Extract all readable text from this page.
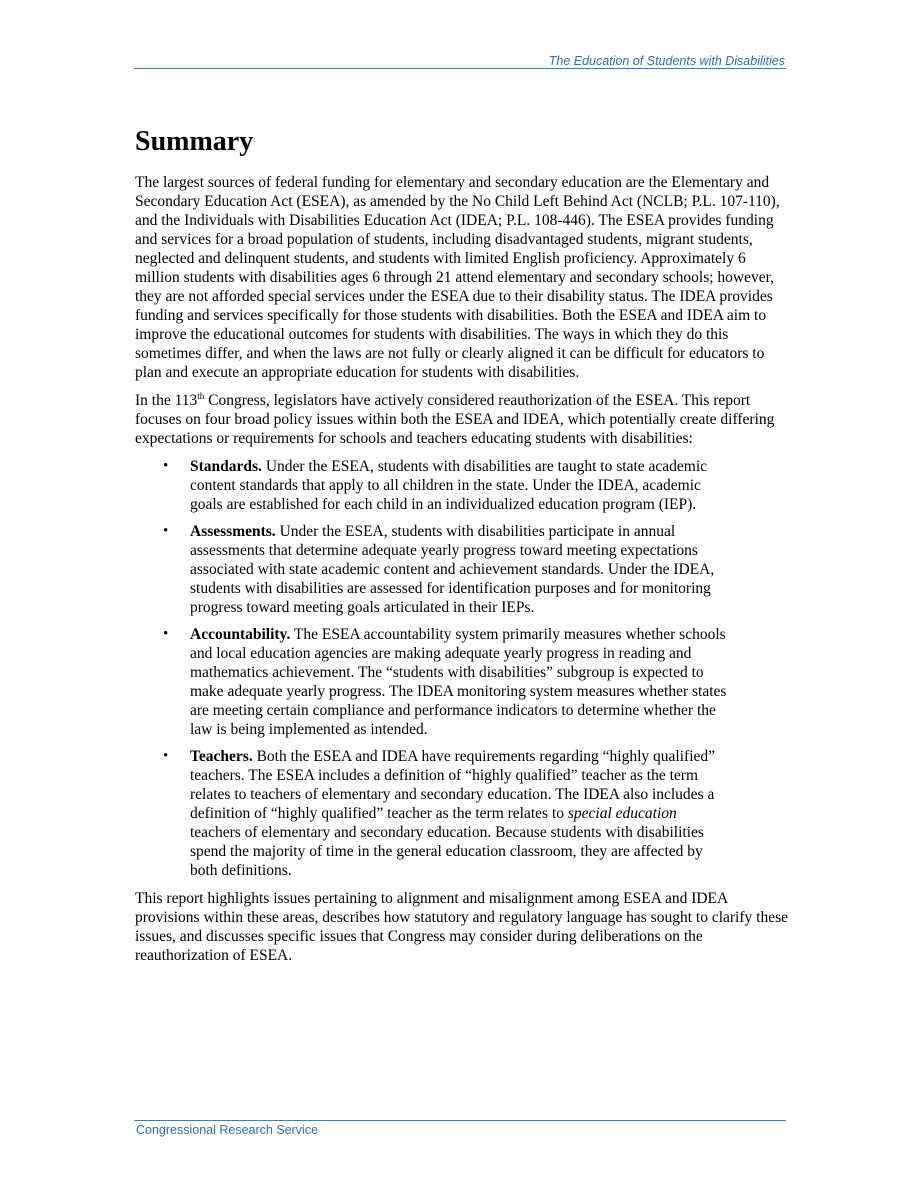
The Education of Students with Disabilities
Summary

The largest sources of federal funding for elementary and secondary education are the Elementary and Secondary Education Act (ESEA), as amended by the No Child Left Behind Act (NCLB; P.L. 107-110), and the Individuals with Disabilities Education Act (IDEA; P.L. 108-446). The ESEA provides funding and services for a broad population of students, including disadvantaged students, migrant students, neglected and delinquent students, and students with limited English proficiency. Approximately 6 million students with disabilities ages 6 through 21 attend elementary and secondary schools; however, they are not afforded special services under the ESEA due to their disability status. The IDEA provides funding and services specifically for those students with disabilities. Both the ESEA and IDEA aim to improve the educational outcomes for students with disabilities. The ways in which they do this sometimes differ, and when the laws are not fully or clearly aligned it can be difficult for educators to plan and execute an appropriate education for students with disabilities.

In the 113th Congress, legislators have actively considered reauthorization of the ESEA. This report focuses on four broad policy issues within both the ESEA and IDEA, which potentially create differing expectations or requirements for schools and teachers educating students with disabilities:

• Standards. Under the ESEA, students with disabilities are taught to state academic content standards that apply to all children in the state. Under the IDEA, academic goals are established for each child in an individualized education program (IEP).
• Assessments. Under the ESEA, students with disabilities participate in annual assessments that determine adequate yearly progress toward meeting expectations associated with state academic content and achievement standards. Under the IDEA, students with disabilities are assessed for identification purposes and for monitoring progress toward meeting goals articulated in their IEPs.
• Accountability. The ESEA accountability system primarily measures whether schools and local education agencies are making adequate yearly progress in reading and mathematics achievement. The “students with disabilities” subgroup is expected to make adequate yearly progress. The IDEA monitoring system measures whether states are meeting certain compliance and performance indicators to determine whether the law is being implemented as intended.
• Teachers. Both the ESEA and IDEA have requirements regarding “highly qualified” teachers. The ESEA includes a definition of “highly qualified” teacher as the term relates to teachers of elementary and secondary education. The IDEA also includes a definition of “highly qualified” teacher as the term relates to special education teachers of elementary and secondary education. Because students with disabilities spend the majority of time in the general education classroom, they are affected by both definitions.

This report highlights issues pertaining to alignment and misalignment among ESEA and IDEA provisions within these areas, describes how statutory and regulatory language has sought to clarify these issues, and discusses specific issues that Congress may consider during deliberations on the reauthorization of ESEA.

Congressional Research Service
